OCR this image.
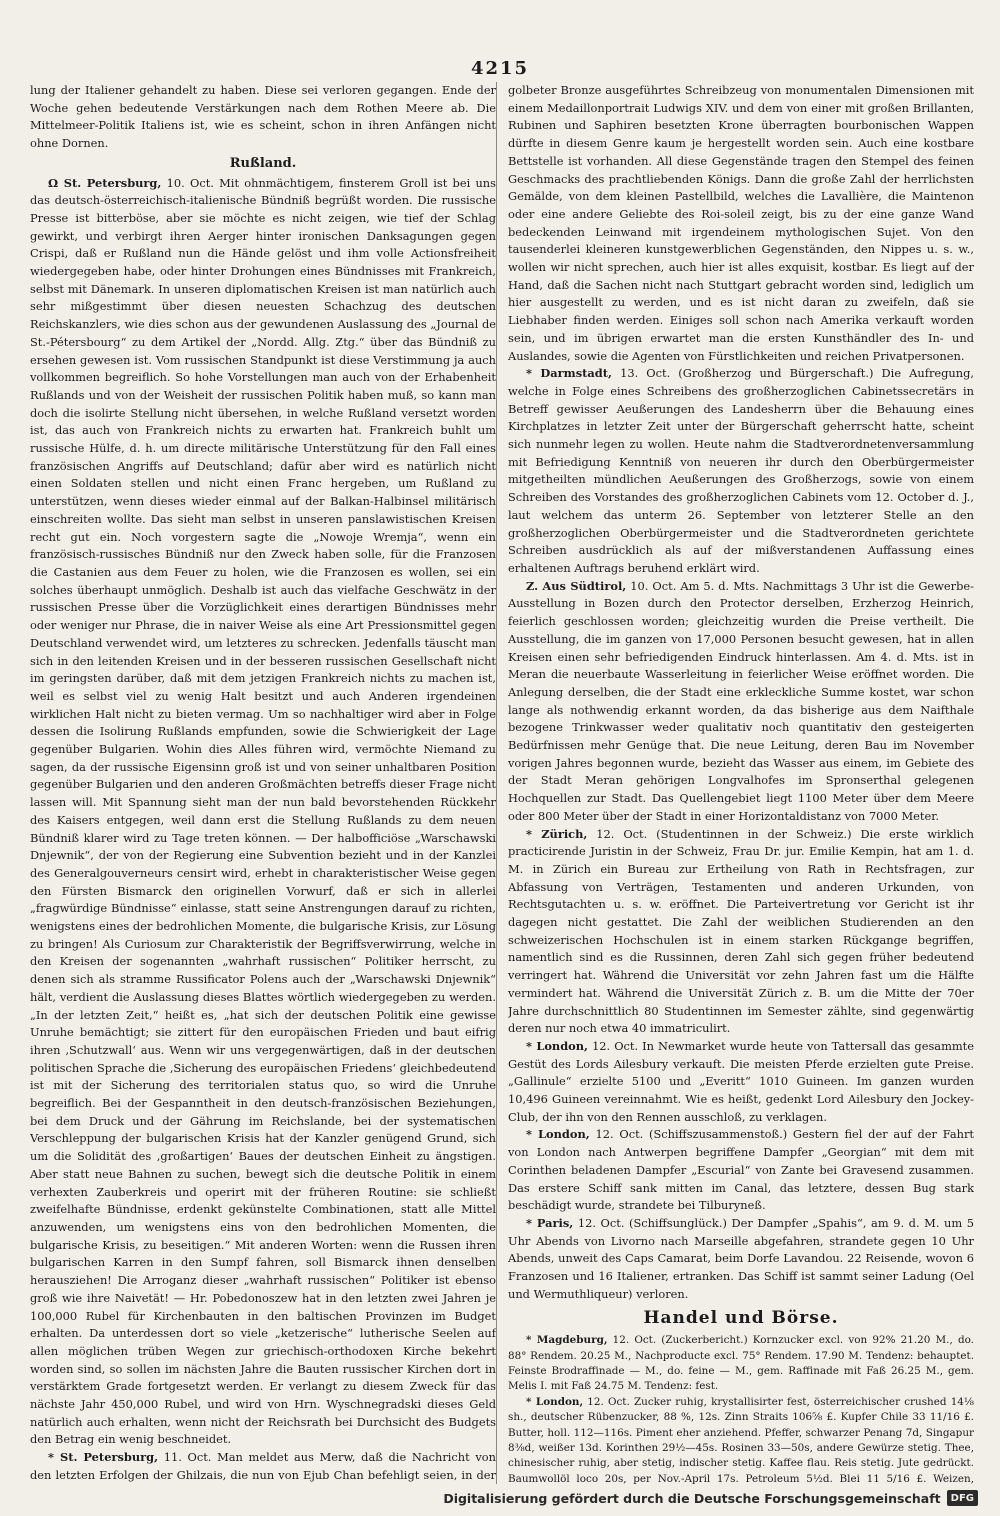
4215

lung der Italiener gehandelt zu haben. Diese sei verloren gegangen. Ende der Woche gehen bedeutende Verstärkungen nach dem Rothen Meere ab. Die Mittelmeer-Politik Italiens ist, wie es scheint, schon in ihren Anfängen nicht ohne Dornen.

Rußland.

Ω St. Petersburg, 10. Oct. Mit ohnmächtigem, finsterem Groll ist bei uns das deutsch-österreichisch-italienische Bündniß begrüßt worden. Die russische Presse ist bitterböse, aber sie möchte es nicht zeigen, wie tief der Schlag gewirkt, und verbirgt ihren Aerger hinter ironischen Danksagungen gegen Crispi, daß er Rußland nun die Hände gelöst und ihm volle Actionsfreiheit wiedergegeben habe, oder hinter Drohungen eines Bündnisses mit Frankreich, selbst mit Dänemark. In unseren diplomatischen Kreisen ist man natürlich auch sehr mißgestimmt über diesen neuesten Schachzug des deutschen Reichskanzlers, wie dies schon aus der gewundenen Auslassung des „Journal de St.-Pétersbourg“ zu dem Artikel der „Nordd. Allg. Ztg.“ über das Bündniß zu ersehen gewesen ist. Vom russischen Standpunkt ist diese Verstimmung ja auch vollkommen begreiflich. So hohe Vorstellungen man auch von der Erhabenheit Rußlands und von der Weisheit der russischen Politik haben muß, so kann man doch die isolirte Stellung nicht übersehen, in welche Rußland versetzt worden ist, das auch von Frankreich nichts zu erwarten hat. Frankreich buhlt um russische Hülfe, d. h. um directe militärische Unterstützung für den Fall eines französischen Angriffs auf Deutschland; dafür aber wird es natürlich nicht einen Soldaten stellen und nicht einen Franc hergeben, um Rußland zu unterstützen, wenn dieses wieder einmal auf der Balkan-Halbinsel militärisch einschreiten wollte. Das sieht man selbst in unseren panslawistischen Kreisen recht gut ein. Noch vorgestern sagte die „Nowoje Wremja“, wenn ein französisch-russisches Bündniß nur den Zweck haben solle, für die Franzosen die Castanien aus dem Feuer zu holen, wie die Franzosen es wollen, sei ein solches überhaupt unmöglich. Deshalb ist auch das vielfache Geschwätz in der russischen Presse über die Vorzüglichkeit eines derartigen Bündnisses mehr oder weniger nur Phrase, die in naiver Weise als eine Art Pressionsmittel gegen Deutschland verwendet wird, um letzteres zu schrecken. Jedenfalls täuscht man sich in den leitenden Kreisen und in der besseren russischen Gesellschaft nicht im geringsten darüber, daß mit dem jetzigen Frankreich nichts zu machen ist, weil es selbst viel zu wenig Halt besitzt und auch Anderen irgendeinen wirklichen Halt nicht zu bieten vermag. Um so nachhaltiger wird aber in Folge dessen die Isolirung Rußlands empfunden, sowie die Schwierigkeit der Lage gegenüber Bulgarien. Wohin dies Alles führen wird, vermöchte Niemand zu sagen, da der russische Eigensinn groß ist und von seiner unhaltbaren Position gegenüber Bulgarien und den anderen Großmächten betreffs dieser Frage nicht lassen will. Mit Spannung sieht man der nun bald bevorstehenden Rückkehr des Kaisers entgegen, weil dann erst die Stellung Rußlands zu dem neuen Bündniß klarer wird zu Tage treten können. — Der halbofficiöse „Warschawski Dnjewnik“, der von der Regierung eine Subvention bezieht und in der Kanzlei des Generalgouverneurs censirt wird, erhebt in charakteristischer Weise gegen den Fürsten Bismarck den originellen Vorwurf, daß er sich in allerlei „fragwürdige Bündnisse“ einlasse, statt seine Anstrengungen darauf zu richten, wenigstens eines der bedrohlichen Momente, die bulgarische Krisis, zur Lösung zu bringen! Als Curiosum zur Charakteristik der Begriffsverwirrung, welche in den Kreisen der sogenannten „wahrhaft russischen“ Politiker herrscht, zu denen sich als stramme Russificator Polens auch der „Warschawski Dnjewnik“ hält, verdient die Auslassung dieses Blattes wörtlich wiedergegeben zu werden. „In der letzten Zeit,“ heißt es, „hat sich der deutschen Politik eine gewisse Unruhe bemächtigt; sie zittert für den europäischen Frieden und baut eifrig ihren ‚Schutzwall‘ aus. Wenn wir uns vergegenwärtigen, daß in der deutschen politischen Sprache die ‚Sicherung des europäischen Friedens‘ gleichbedeutend ist mit der Sicherung des territorialen status quo, so wird die Unruhe begreiflich. Bei der Gespanntheit in den deutsch-französischen Beziehungen, bei dem Druck und der Gährung im Reichslande, bei der systematischen Verschleppung der bulgarischen Krisis hat der Kanzler genügend Grund, sich um die Solidität des ‚großartigen‘ Baues der deutschen Einheit zu ängstigen. Aber statt neue Bahnen zu suchen, bewegt sich die deutsche Politik in einem verhexten Zauberkreis und operirt mit der früheren Routine: sie schließt zweifelhafte Bündnisse, erdenkt gekünstelte Combinationen, statt alle Mittel anzuwenden, um wenigstens eins von den bedrohlichen Momenten, die bulgarische Krisis, zu beseitigen.“ Mit anderen Worten: wenn die Russen ihren bulgarischen Karren in den Sumpf fahren, soll Bismarck ihnen denselben herausziehen! Die Arroganz dieser „wahrhaft russischen“ Politiker ist ebenso groß wie ihre Naivetät! — Hr. Pobedonoszew hat in den letzten zwei Jahren je 100,000 Rubel für Kirchenbauten in den baltischen Provinzen im Budget erhalten. Da unterdessen dort so viele „ketzerische“ lutherische Seelen auf allen möglichen trüben Wegen zur griechisch-orthodoxen Kirche bekehrt worden sind, so sollen im nächsten Jahre die Bauten russischer Kirchen dort in verstärktem Grade fortgesetzt werden. Er verlangt zu diesem Zweck für das nächste Jahr 450,000 Rubel, und wird von Hrn. Wyschnegradski dieses Geld natürlich auch erhalten, wenn nicht der Reichsrath bei Durchsicht des Budgets den Betrag ein wenig beschneidet.

* St. Petersburg, 11. Oct. Man meldet aus Merw, daß die Nachricht von den letzten Erfolgen der Ghilzais, die nun von Ejub Chan befehligt seien, in der

golbeter Bronze ausgeführtes Schreibzeug von monumentalen Dimensionen mit einem Medaillonportrait Ludwigs XIV. und dem von einer mit großen Brillanten, Rubinen und Saphiren besetzten Krone überragten bourbonischen Wappen dürfte in diesem Genre kaum je hergestellt worden sein. Auch eine kostbare Bettstelle ist vorhanden. All diese Gegenstände tragen den Stempel des feinen Geschmacks des prachtliebenden Königs. Dann die große Zahl der herrlichsten Gemälde, von dem kleinen Pastellbild, welches die Lavallière, die Maintenon oder eine andere Geliebte des Roi-soleil zeigt, bis zu der eine ganze Wand bedeckenden Leinwand mit irgendeinem mythologischen Sujet. Von den tausenderlei kleineren kunstgewerblichen Gegenständen, den Nippes u. s. w., wollen wir nicht sprechen, auch hier ist alles exquisit, kostbar. Es liegt auf der Hand, daß die Sachen nicht nach Stuttgart gebracht worden sind, lediglich um hier ausgestellt zu werden, und es ist nicht daran zu zweifeln, daß sie Liebhaber finden werden. Einiges soll schon nach Amerika verkauft worden sein, und im übrigen erwartet man die ersten Kunsthändler des In- und Auslandes, sowie die Agenten von Fürstlichkeiten und reichen Privatpersonen.

* Darmstadt, 13. Oct. (Großherzog und Bürgerschaft.) Die Aufregung, welche in Folge eines Schreibens des großherzoglichen Cabinetssecretärs in Betreff gewisser Aeußerungen des Landesherrn über die Behauung eines Kirchplatzes in letzter Zeit unter der Bürgerschaft geherrscht hatte, scheint sich nunmehr legen zu wollen. Heute nahm die Stadtverordnetenversammlung mit Befriedigung Kenntniß von neueren ihr durch den Oberbürgermeister mitgetheilten mündlichen Aeußerungen des Großherzogs, sowie von einem Schreiben des Vorstandes des großherzoglichen Cabinets vom 12. October d. J., laut welchem das unterm 26. September von letzterer Stelle an den großherzoglichen Oberbürgermeister und die Stadtverordneten gerichtete Schreiben ausdrücklich als auf der mißverstandenen Auffassung eines erhaltenen Auftrags beruhend erklärt wird.

Z. Aus Südtirol, 10. Oct. Am 5. d. Mts. Nachmittags 3 Uhr ist die Gewerbe-Ausstellung in Bozen durch den Protector derselben, Erzherzog Heinrich, feierlich geschlossen worden; gleichzeitig wurden die Preise vertheilt. Die Ausstellung, die im ganzen von 17,000 Personen besucht gewesen, hat in allen Kreisen einen sehr befriedigenden Eindruck hinterlassen. Am 4. d. Mts. ist in Meran die neuerbaute Wasserleitung in feierlicher Weise eröffnet worden. Die Anlegung derselben, die der Stadt eine erkleckliche Summe kostet, war schon lange als nothwendig erkannt worden, da das bisherige aus dem Naifthale bezogene Trinkwasser weder qualitativ noch quantitativ den gesteigerten Bedürfnissen mehr Genüge that. Die neue Leitung, deren Bau im November vorigen Jahres begonnen wurde, bezieht das Wasser aus einem, im Gebiete des der Stadt Meran gehörigen Longvalhofes im Spronserthal gelegenen Hochquellen zur Stadt. Das Quellengebiet liegt 1100 Meter über dem Meere oder 800 Meter über der Stadt in einer Horizontaldistanz von 7000 Meter.

* Zürich, 12. Oct. (Studentinnen in der Schweiz.) Die erste wirklich practicirende Juristin in der Schweiz, Frau Dr. jur. Emilie Kempin, hat am 1. d. M. in Zürich ein Bureau zur Ertheilung von Rath in Rechtsfragen, zur Abfassung von Verträgen, Testamenten und anderen Urkunden, von Rechtsgutachten u. s. w. eröffnet. Die Parteivertretung vor Gericht ist ihr dagegen nicht gestattet. Die Zahl der weiblichen Studierenden an den schweizerischen Hochschulen ist in einem starken Rückgange begriffen, namentlich sind es die Russinnen, deren Zahl sich gegen früher bedeutend verringert hat. Während die Universität vor zehn Jahren fast um die Hälfte vermindert hat. Während die Universität Zürich z. B. um die Mitte der 70er Jahre durchschnittlich 80 Studentinnen im Semester zählte, sind gegenwärtig deren nur noch etwa 40 immatriculirt.

* London, 12. Oct. In Newmarket wurde heute von Tattersall das gesammte Gestüt des Lords Ailesbury verkauft. Die meisten Pferde erzielten gute Preise. „Gallinule“ erzielte 5100 und „Everitt“ 1010 Guineen. Im ganzen wurden 10,496 Guineen vereinnahmt. Wie es heißt, gedenkt Lord Ailesbury den Jockey-Club, der ihn von den Rennen ausschloß, zu verklagen.

* London, 12. Oct. (Schiffszusammenstoß.) Gestern fiel der auf der Fahrt von London nach Antwerpen begriffene Dampfer „Georgian“ mit dem mit Corinthen beladenen Dampfer „Escurial“ von Zante bei Gravesend zusammen. Das erstere Schiff sank mitten im Canal, das letztere, dessen Bug stark beschädigt wurde, strandete bei Tilburyneß.

* Paris, 12. Oct. (Schiffsunglück.) Der Dampfer „Spahis“, am 9. d. M. um 5 Uhr Abends von Livorno nach Marseille abgefahren, strandete gegen 10 Uhr Abends, unweit des Caps Camarat, beim Dorfe Lavandou. 22 Reisende, wovon 6 Franzosen und 16 Italiener, ertranken. Das Schiff ist sammt seiner Ladung (Oel und Wermuthliqueur) verloren.

Handel und Börse.

* Magdeburg, 12. Oct. (Zuckerbericht.) Kornzucker excl. von 92% 21.20 M., do. 88° Rendem. 20.25 M., Nachproducte excl. 75° Rendem. 17.90 M. Tendenz: behauptet. Feinste Brodraffinade — M., do. feine — M., gem. Raffinade mit Faß 26.25 M., gem. Melis I. mit Faß 24.75 M. Tendenz: fest.

* London, 12. Oct. Zucker ruhig, krystallisirter fest, österreichischer crushed 14⅛ sh., deutscher Rübenzucker, 88 %, 12s. Zinn Straits 106⅝ £. Kupfer Chile 33 11/16 £. Butter, holl. 112—116s. Piment eher anziehend. Pfeffer, schwarzer Penang 7d, Singapur 8⅜d, weißer 13d. Korinthen 29½—45s. Rosinen 33—50s, andere Gewürze stetig. Thee, chinesischer ruhig, aber stetig, indischer stetig. Kaffee flau. Reis stetig. Jute gedrückt. Baumwollöl loco 20s, per Nov.-April 17s. Petroleum 5½d. Blei 11 5/16 £. Weizen,

Digitalisierung gefördert durch die Deutsche Forschungsgemeinschaft	DFG
